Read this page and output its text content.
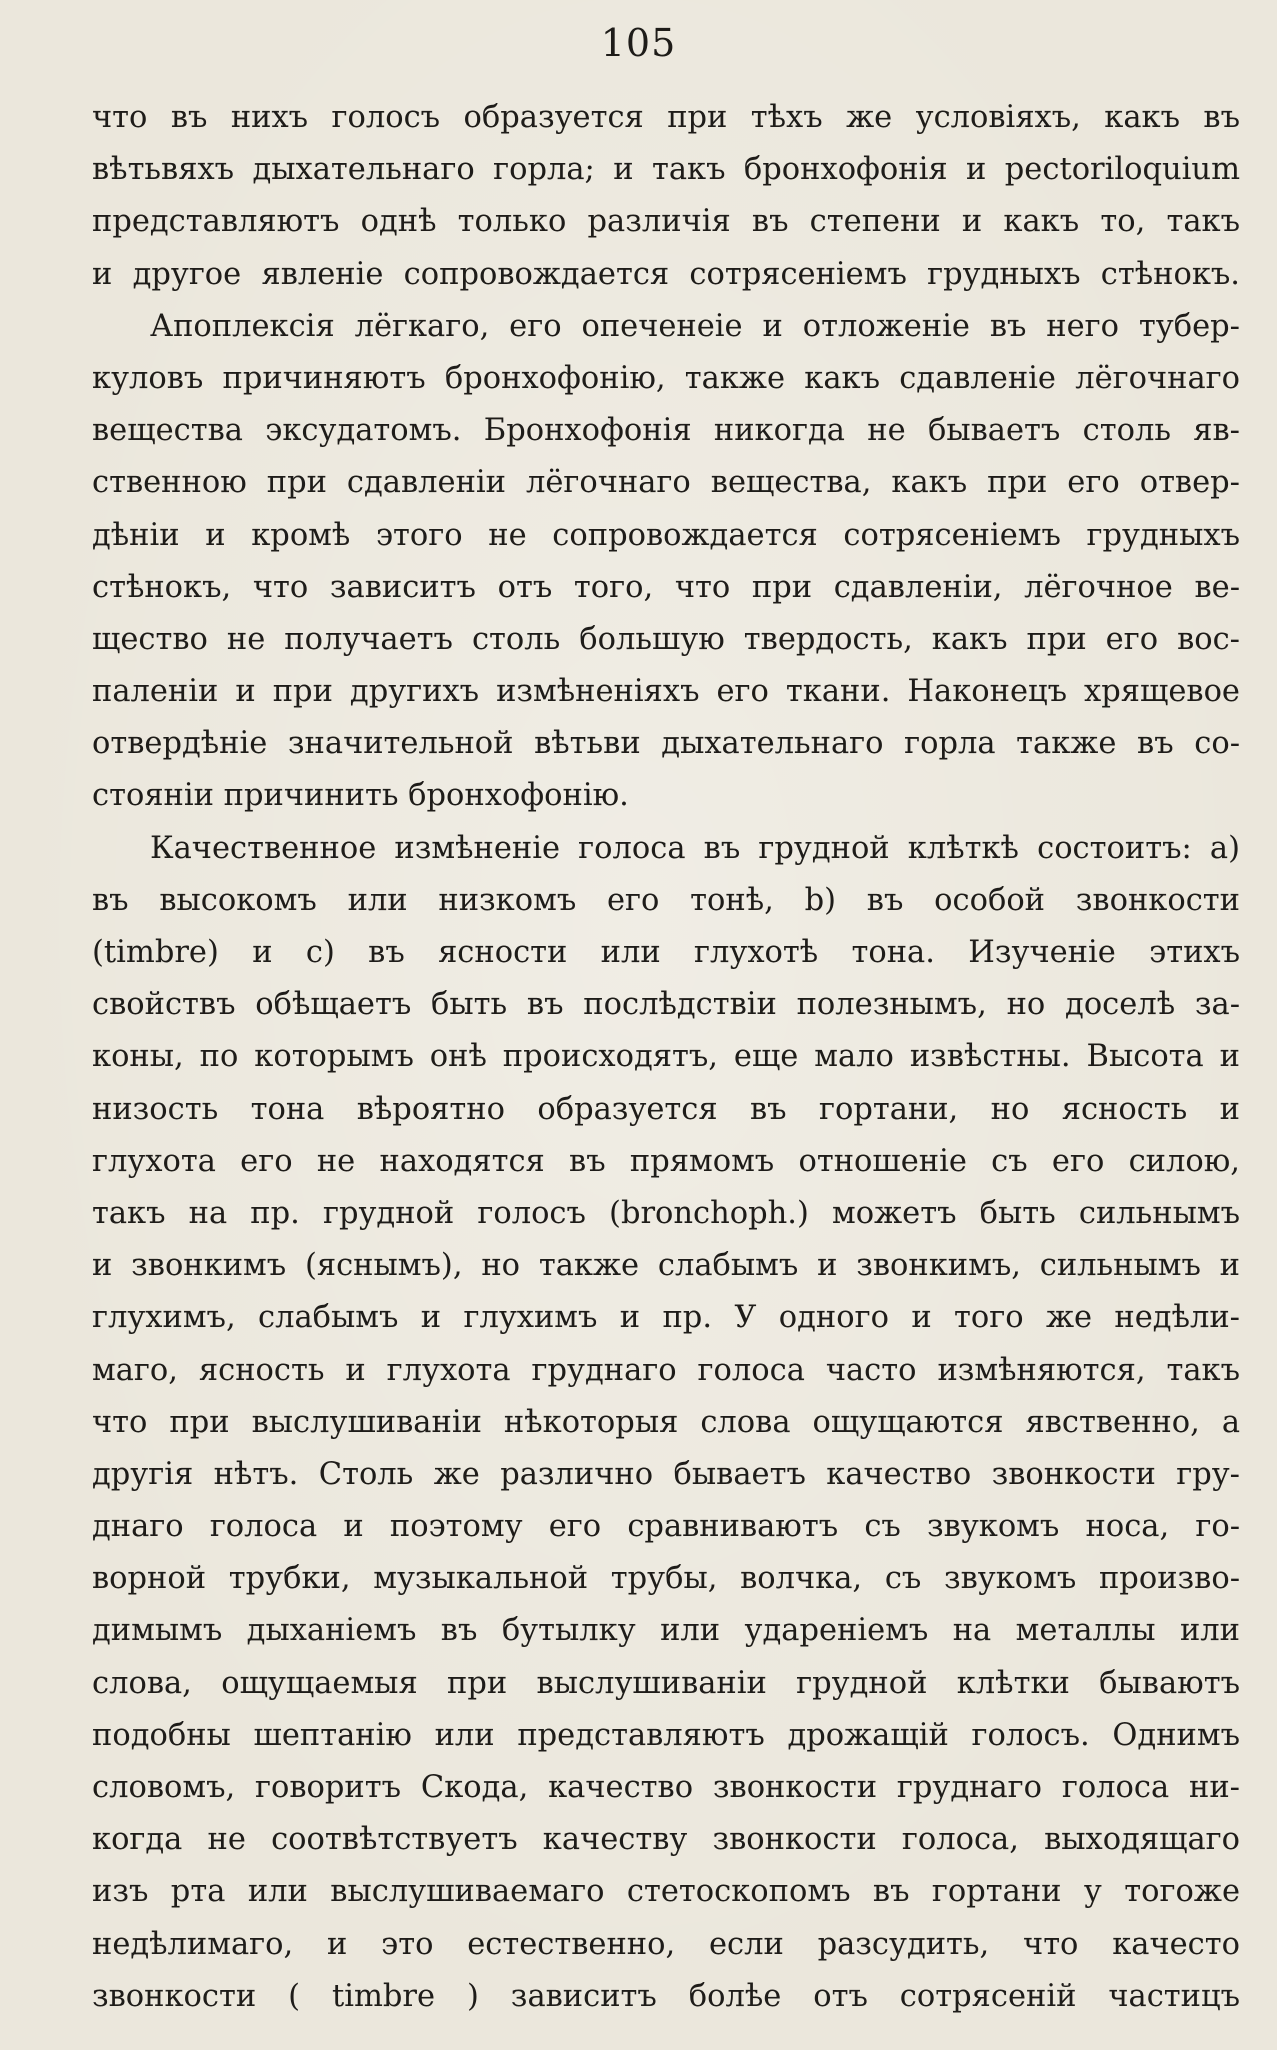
105
что въ нихъ голосъ образуется при тѣхъ же условіяхъ, какъ въ
вѣтьвяхъ дыхательнаго горла; и такъ бронхофонія и pectoriloquium
представляютъ однѣ только различія въ степени и какъ то, такъ
и другое явленіе сопровождается сотрясеніемъ грудныхъ стѣнокъ.
Апоплексія лёгкаго, его опеченеіе и отложеніе въ него тубер-
куловъ причиняютъ бронхофонію, также какъ сдавленіе лёгочнаго
вещества эксудатомъ. Бронхофонія никогда не бываетъ столь яв-
ственною при сдавленіи лёгочнаго вещества, какъ при его отвер-
дѣніи и кромѣ этого не сопровождается сотрясеніемъ грудныхъ
стѣнокъ, что зависитъ отъ того, что при сдавленіи, лёгочное ве-
щество не получаетъ столь большую твердость, какъ при его вос-
паленіи и при другихъ измѣненіяхъ его ткани. Наконецъ хрящевое
отвердѣніе значительной вѣтьви дыхательнаго горла также въ со-
стояніи причинить бронхофонію.
Качественное измѣненіе голоса въ грудной клѣткѣ состоитъ: a)
въ высокомъ или низкомъ его тонѣ, b) въ особой звонкости
(timbre) и c) въ ясности или глухотѣ тона. Изученіе этихъ
свойствъ обѣщаетъ быть въ послѣдствіи полезнымъ, но доселѣ за-
коны, по которымъ онѣ происходятъ, еще мало извѣстны. Высота и
низость тона вѣроятно образуется въ гортани, но ясность и
глухота его не находятся въ прямомъ отношеніе съ его силою,
такъ на пр. грудной голосъ (bronchoph.) можетъ быть сильнымъ
и звонкимъ (яснымъ), но также слабымъ и звонкимъ, сильнымъ и
глухимъ, слабымъ и глухимъ и пр. У одного и того же недѣли-
маго, ясность и глухота груднаго голоса часто измѣняются, такъ
что при выслушиваніи нѣкоторыя слова ощущаются явственно, а
другія нѣтъ. Столь же различно бываетъ качество звонкости гру-
днаго голоса и поэтому его сравниваютъ съ звукомъ носа, го-
ворной трубки, музыкальной трубы, волчка, съ звукомъ произво-
димымъ дыханіемъ въ бутылку или удареніемъ на металлы или
слова, ощущаемыя при выслушиваніи грудной клѣтки бываютъ
подобны шептанію или представляютъ дрожащій голосъ. Однимъ
словомъ, говоритъ Скода, качество звонкости груднаго голоса ни-
когда не соотвѣтствуетъ качеству звонкости голоса, выходящаго
изъ рта или выслушиваемаго стетоскопомъ въ гортани у тогоже
недѣлимаго, и это естественно, если разсудить, что качесто
звонкости ( timbre ) зависитъ болѣе отъ сотрясеній частицъ
